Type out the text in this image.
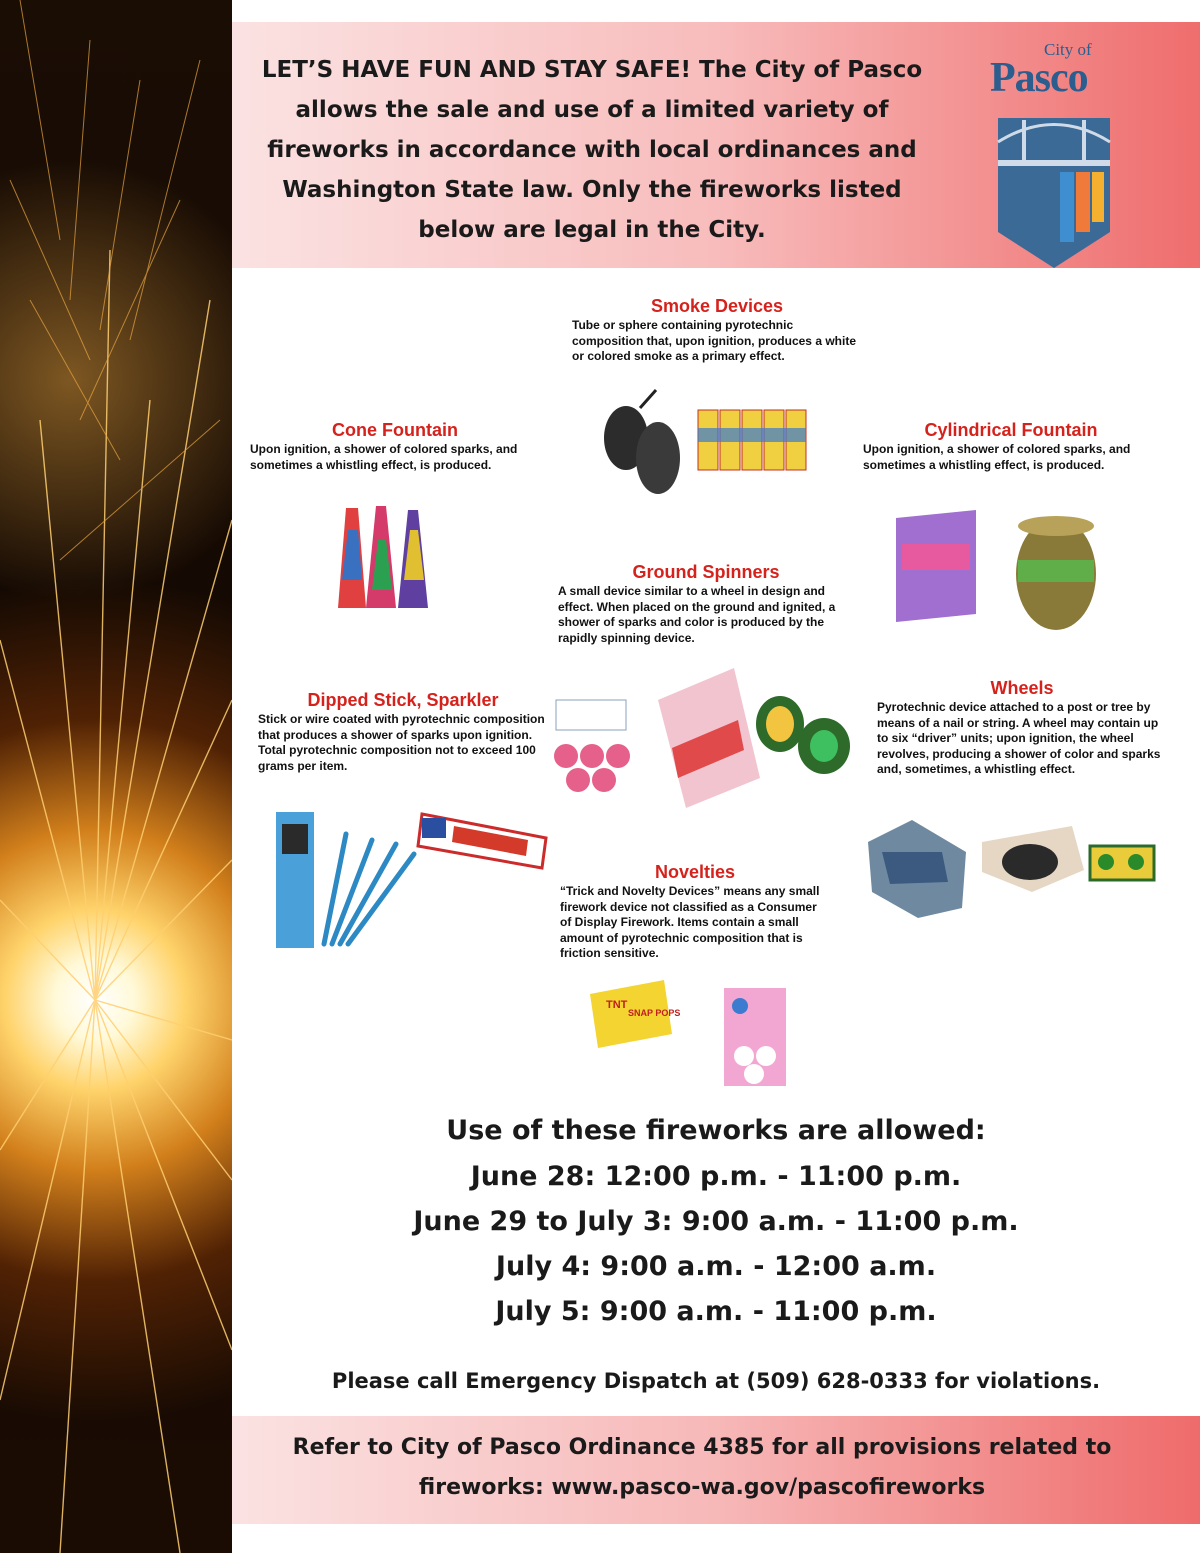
LET’S HAVE FUN AND STAY SAFE! The City of Pasco allows the sale and use of a limited variety of fireworks in accordance with local ordinances and Washington State law. Only the fireworks listed below are legal in the City.
City of
Pasco
Smoke Devices
Tube or sphere containing pyrotechnic composition that, upon ignition, produces a white or colored smoke as a primary effect.
Cone Fountain
Upon ignition, a shower of colored sparks, and sometimes a whistling effect, is produced.
Cylindrical Fountain
Upon ignition, a shower of colored sparks, and sometimes a whistling effect, is produced.
Ground Spinners
A small device similar to a wheel in design and effect. When placed on the ground and ignited, a shower of sparks and color is produced by the rapidly spinning device.
Dipped Stick, Sparkler
Stick or wire coated with pyrotechnic composition that produces a shower of sparks upon ignition. Total pyrotechnic composition not to exceed 100 grams per item.
Wheels
Pyrotechnic device attached to a post or tree by means of a nail or string. A wheel may contain up to six “driver” units; upon ignition, the wheel revolves, producing a shower of color and sparks and, sometimes, a whistling effect.
Novelties
“Trick and Novelty Devices” means any small firework device not classified as a Consumer of Display Firework. Items contain a small amount of pyrotechnic composition that is friction sensitive.
TNT
SNAP POPS
Use of these fireworks are allowed:
June 28: 12:00 p.m. - 11:00 p.m.
June 29 to July 3: 9:00 a.m. - 11:00 p.m.
July 4: 9:00 a.m. - 12:00 a.m.
July 5: 9:00 a.m. - 11:00 p.m.
Please call Emergency Dispatch at (509) 628-0333 for violations.
Refer to City of Pasco Ordinance 4385 for all provisions related to
fireworks: www.pasco-wa.gov/pascofireworks
